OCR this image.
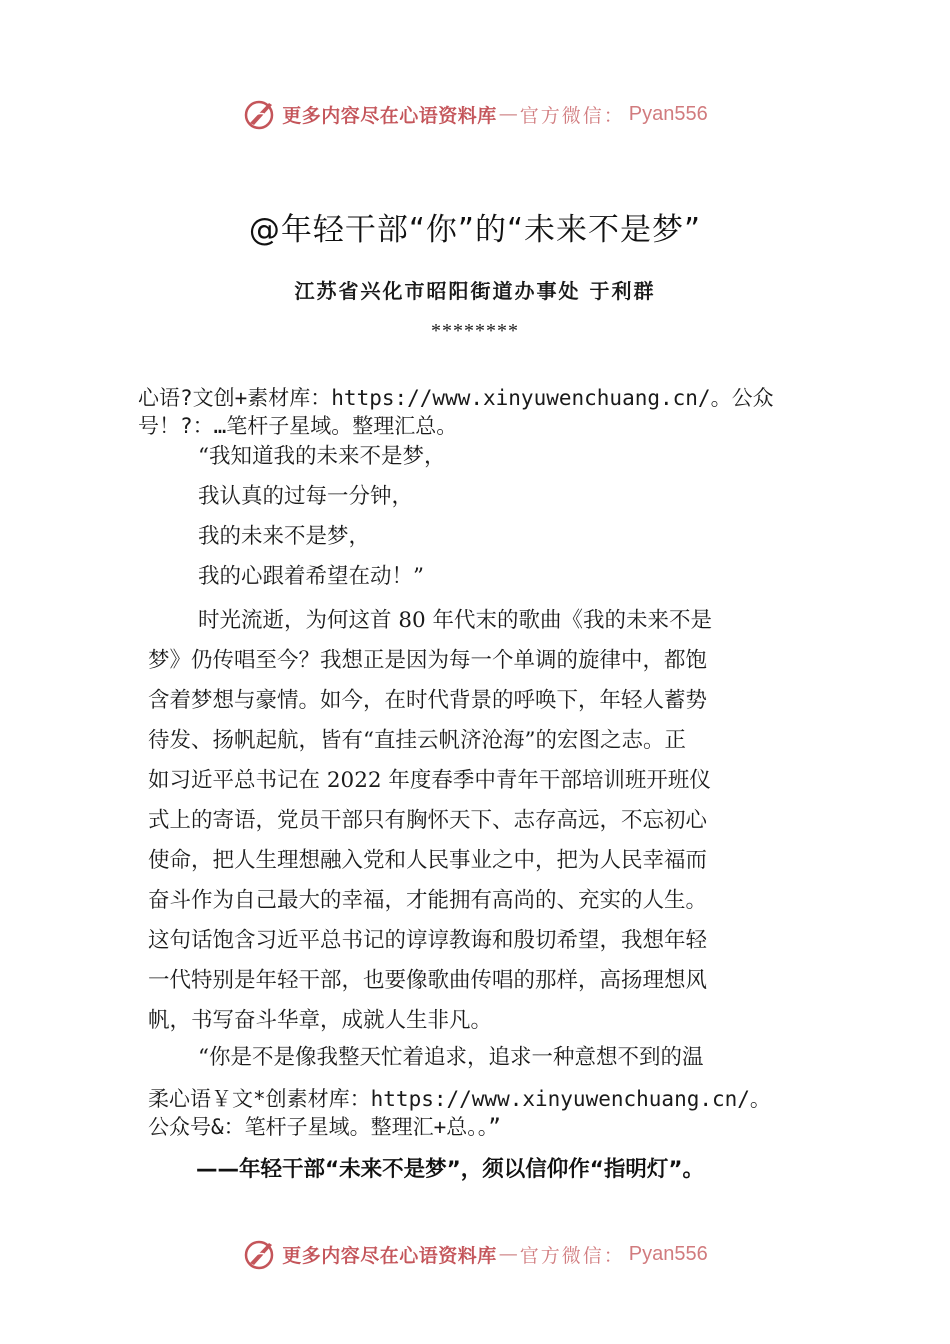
更多内容尽在心语资料库 — 官方微信： Pyan556
@年轻干部“你”的“未来不是梦”
江苏省兴化市昭阳街道办事处 于利群
********
心语?文创+素材库：https://www.xinyuwenchuang.cn/。公众
号！?：…笔杆子星域。整理汇总。
“我知道我的未来不是梦，
我认真的过每一分钟，
我的未来不是梦，
我的心跟着希望在动！”
时光流逝，为何这首 80 年代末的歌曲《我的未来不是
梦》仍传唱至今？我想正是因为每一个单调的旋律中，都饱
含着梦想与豪情。如今，在时代背景的呼唤下，年轻人蓄势
待发、扬帆起航，皆有“直挂云帆济沧海”的宏图之志。正
如习近平总书记在 2022 年度春季中青年干部培训班开班仪
式上的寄语，党员干部只有胸怀天下、志存高远，不忘初心
使命，把人生理想融入党和人民事业之中，把为人民幸福而
奋斗作为自己最大的幸福，才能拥有高尚的、充实的人生。
这句话饱含习近平总书记的谆谆教诲和殷切希望，我想年轻
一代特别是年轻干部，也要像歌曲传唱的那样，高扬理想风
帆，书写奋斗华章，成就人生非凡。
“你是不是像我整天忙着追求，追求一种意想不到的温
柔心语￥文*创素材库：https://www.xinyuwenchuang.cn/。
公众号&：笔杆子星域。整理汇+总。。”
——年轻干部“未来不是梦”，须以信仰作“指明灯”。
更多内容尽在心语资料库 — 官方微信： Pyan556
